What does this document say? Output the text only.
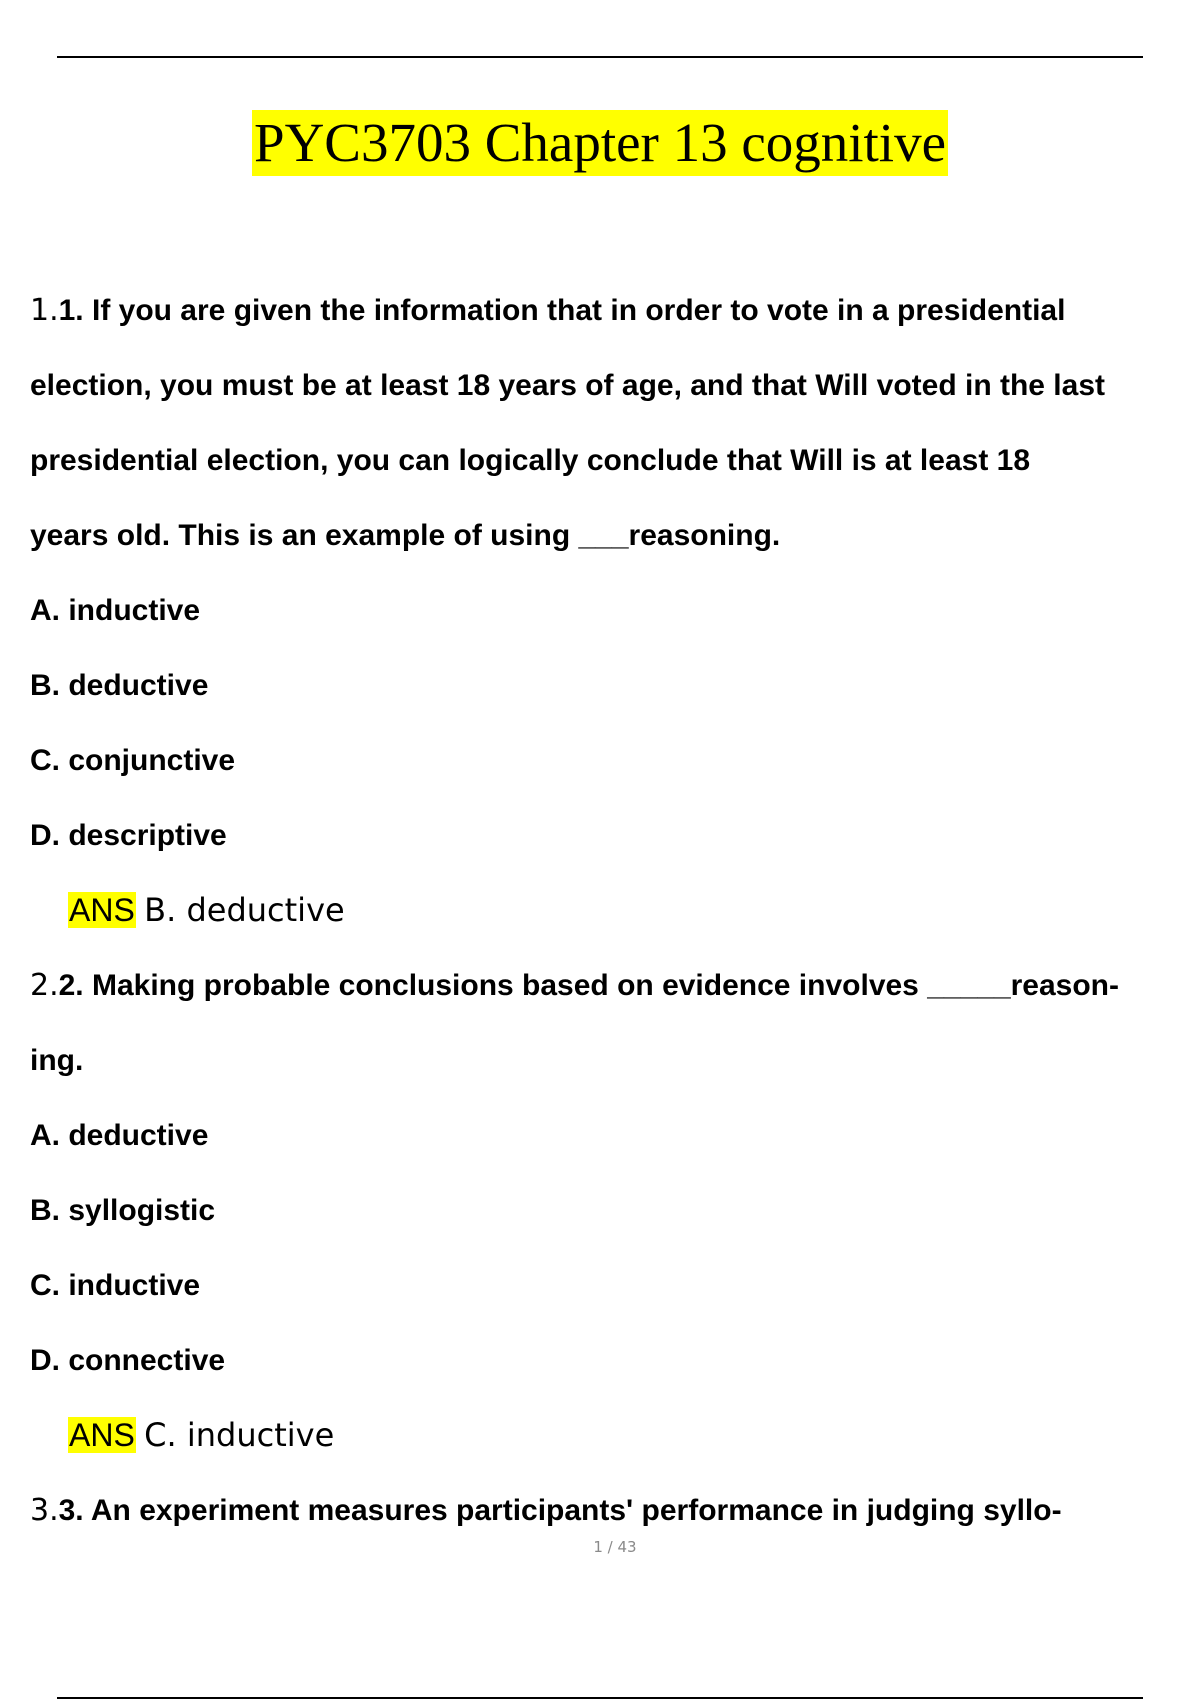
PYC3703 Chapter 13 cognitive
1.1. If you are given the information that in order to vote in a presidential
election, you must be at least 18 years of age, and that Will voted in the last
presidential election, you can logically conclude that Will is at least 18
years old. This is an example of using ___reasoning.
A. inductive
B. deductive
C. conjunctive
D. descriptive
ANS B. deductive
2.2. Making probable conclusions based on evidence involves _____reason-
ing.
A. deductive
B. syllogistic
C. inductive
D. connective
ANS C. inductive
3.3. An experiment measures participants' performance in judging syllo-
1 / 43
